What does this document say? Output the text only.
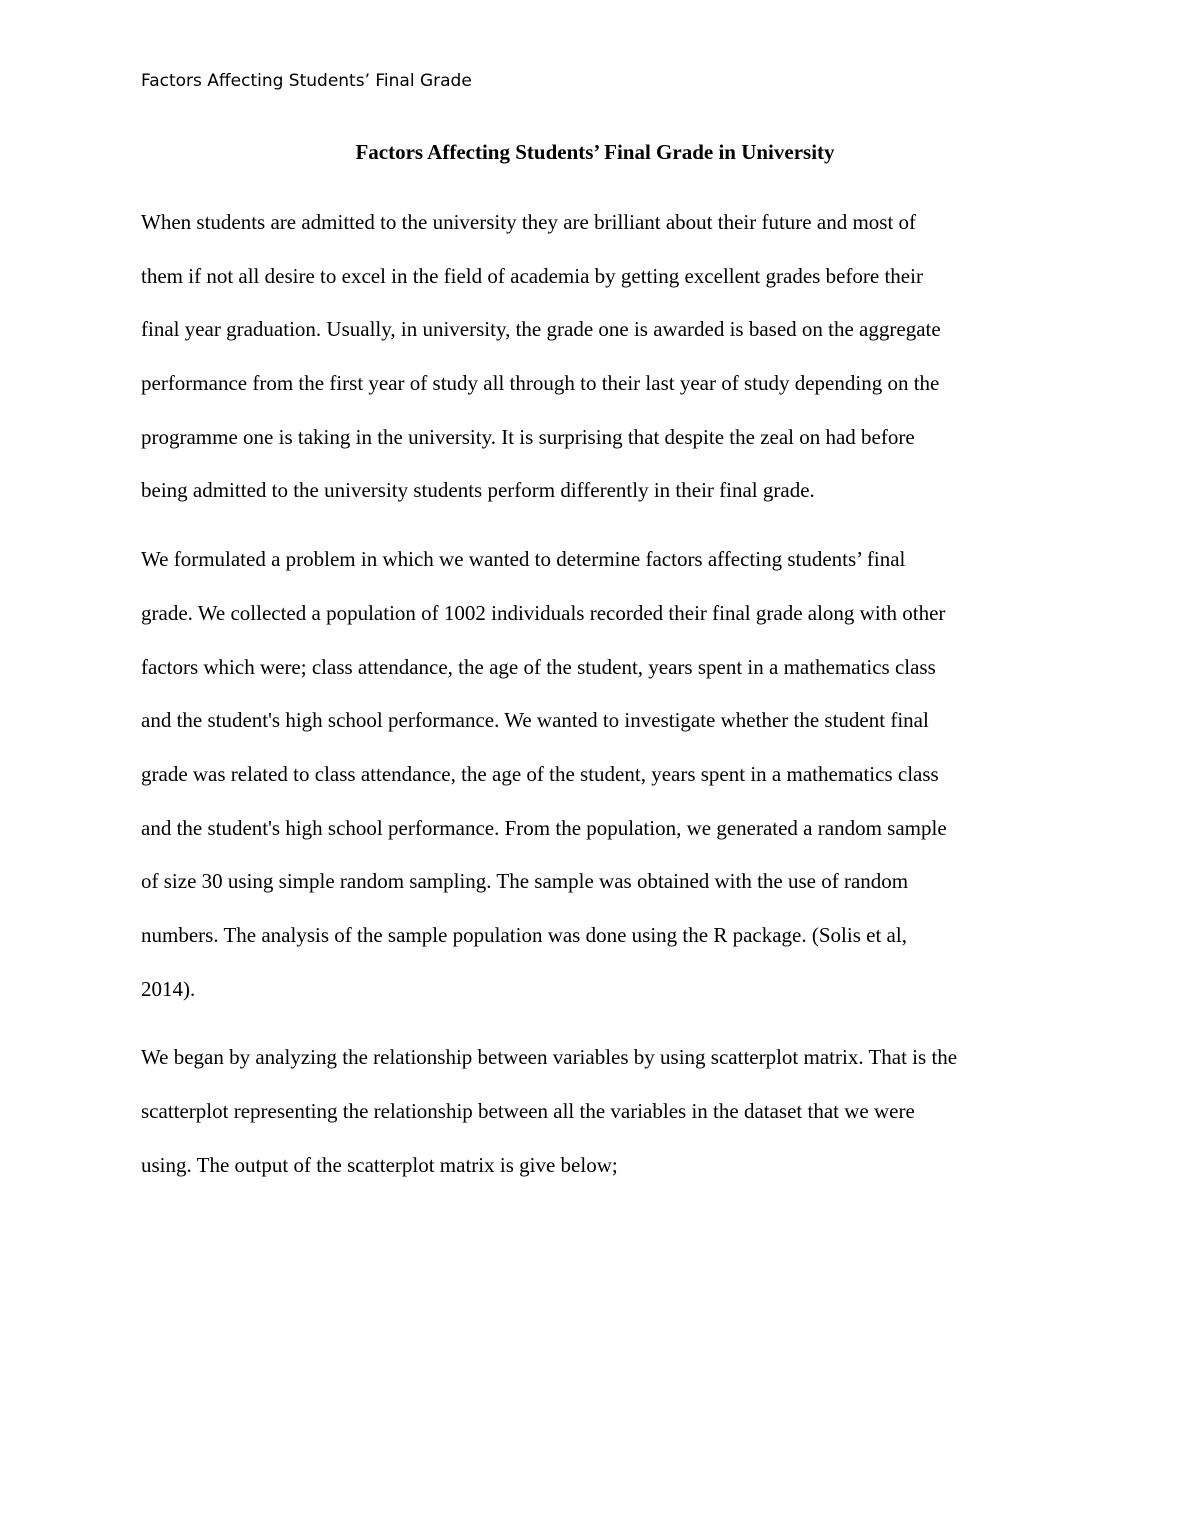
Factors Affecting Students’ Final Grade
Factors Affecting Students’ Final Grade in University
When students are admitted to the university they are brilliant about their future and most of
them if not all desire to excel in the field of academia by getting excellent grades before their
final year graduation. Usually, in university, the grade one is awarded is based on the aggregate
performance from the first year of study all through to their last year of study depending on the
programme one is taking in the university. It is surprising that despite the zeal on had before
being admitted to the university students perform differently in their final grade.
We formulated a problem in which we wanted to determine factors affecting students’ final
grade. We collected a population of 1002 individuals recorded their final grade along with other
factors which were; class attendance, the age of the student, years spent in a mathematics class
and the student's high school performance. We wanted to investigate whether the student final
grade was related to class attendance, the age of the student, years spent in a mathematics class
and the student's high school performance. From the population, we generated a random sample
of size 30 using simple random sampling. The sample was obtained with the use of random
numbers. The analysis of the sample population was done using the R package. (Solis et al,
2014).
We began by analyzing the relationship between variables by using scatterplot matrix. That is the
scatterplot representing the relationship between all the variables in the dataset that we were
using. The output of the scatterplot matrix is give below;
